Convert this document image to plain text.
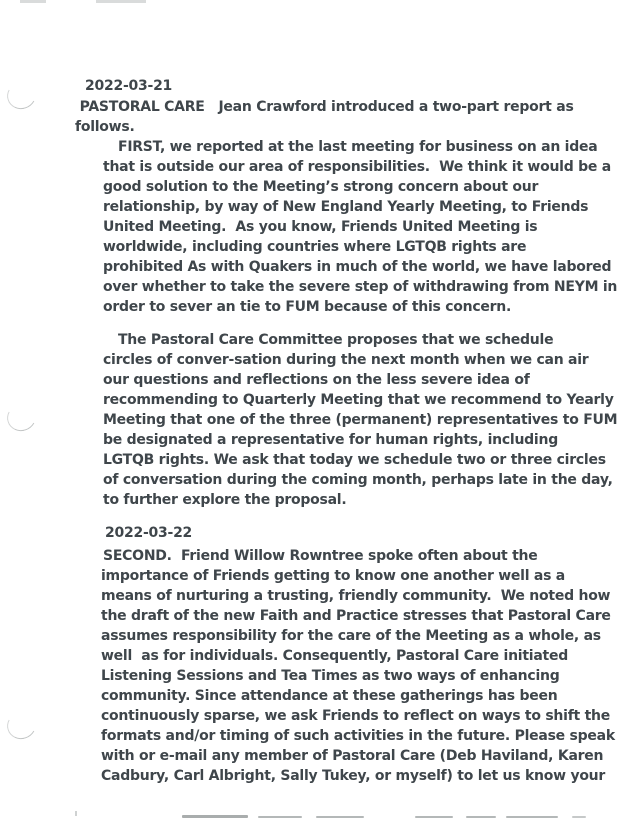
2022-03-21
PASTORAL CARE   Jean Crawford introduced a two-part report as
follows.
FIRST, we reported at the last meeting for business on an idea
that is outside our area of responsibilities.  We think it would be a
good solution to the Meeting’s strong concern about our
relationship, by way of New England Yearly Meeting, to Friends
United Meeting.  As you know, Friends United Meeting is
worldwide, including countries where LGTQB rights are
prohibited As with Quakers in much of the world, we have labored
over whether to take the severe step of withdrawing from NEYM in
order to sever an tie to FUM because of this concern.
The Pastoral Care Committee proposes that we schedule
circles of conver-sation during the next month when we can air
our questions and reflections on the less severe idea of
recommending to Quarterly Meeting that we recommend to Yearly
Meeting that one of the three (permanent) representatives to FUM
be designated a representative for human rights, including
LGTQB rights. We ask that today we schedule two or three circles
of conversation during the coming month, perhaps late in the day,
to further explore the proposal.
2022-03-22
SECOND.  Friend Willow Rowntree spoke often about the
importance of Friends getting to know one another well as a
means of nurturing a trusting, friendly community.  We noted how
the draft of the new Faith and Practice stresses that Pastoral Care
assumes responsibility for the care of the Meeting as a whole, as
well  as for individuals. Consequently, Pastoral Care initiated
Listening Sessions and Tea Times as two ways of enhancing
community. Since attendance at these gatherings has been
continuously sparse, we ask Friends to reflect on ways to shift the
formats and/or timing of such activities in the future. Please speak
with or e-mail any member of Pastoral Care (Deb Haviland, Karen
Cadbury, Carl Albright, Sally Tukey, or myself) to let us know your
